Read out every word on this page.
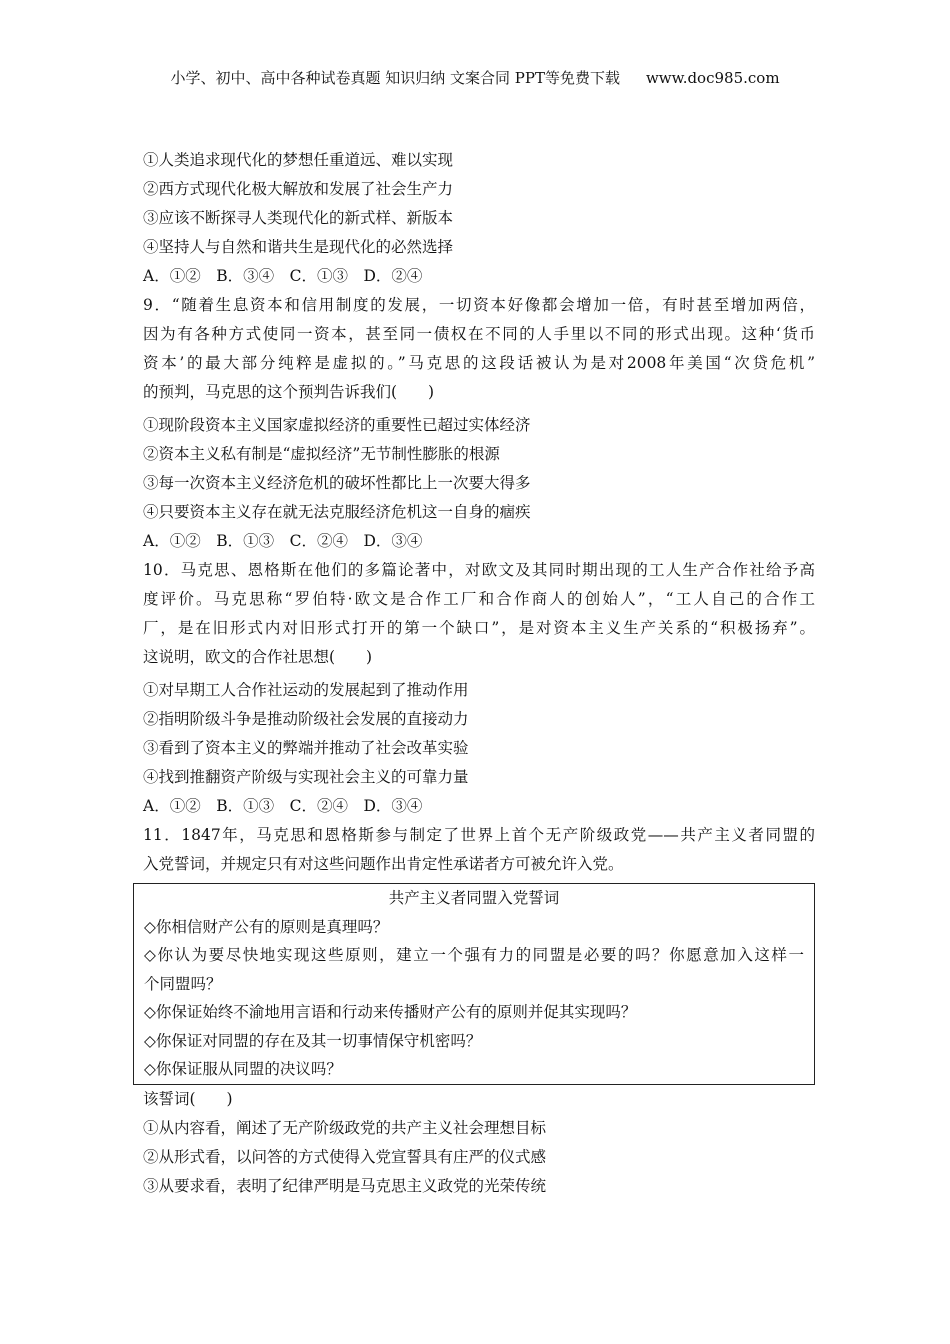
小学、初中、高中各种试卷真题 知识归纳 文案合同 PPT等免费下载 www.doc985.com
①人类追求现代化的梦想任重道远、难以实现
②西方式现代化极大解放和发展了社会生产力
③应该不断探寻人类现代化的新式样、新版本
④坚持人与自然和谐共生是现代化的必然选择
A．①②　B．③④　C．①③　D．②④
9．“随着生息资本和信用制度的发展，一切资本好像都会增加一倍，有时甚至增加两倍，
因为有各种方式使同一资本，甚至同一债权在不同的人手里以不同的形式出现。这种‘货币
资本’的最大部分纯粹是虚拟的。”马克思的这段话被认为是对2008年美国“次贷危机”
的预判，马克思的这个预判告诉我们(　　)
①现阶段资本主义国家虚拟经济的重要性已超过实体经济
②资本主义私有制是“虚拟经济”无节制性膨胀的根源
③每一次资本主义经济危机的破坏性都比上一次要大得多
④只要资本主义存在就无法克服经济危机这一自身的痼疾
A．①②　B．①③　C．②④　D．③④
10．马克思、恩格斯在他们的多篇论著中，对欧文及其同时期出现的工人生产合作社给予高
度评价。马克思称“罗伯特·欧文是合作工厂和合作商人的创始人”，“工人自己的合作工
厂，是在旧形式内对旧形式打开的第一个缺口”，是对资本主义生产关系的“积极扬弃”。
这说明，欧文的合作社思想(　　)
①对早期工人合作社运动的发展起到了推动作用
②指明阶级斗争是推动阶级社会发展的直接动力
③看到了资本主义的弊端并推动了社会改革实验
④找到推翻资产阶级与实现社会主义的可靠力量
A．①②　B．①③　C．②④　D．③④
11．1847年，马克思和恩格斯参与制定了世界上首个无产阶级政党——共产主义者同盟的
入党誓词，并规定只有对这些问题作出肯定性承诺者方可被允许入党。
共产主义者同盟入党誓词
◇你相信财产公有的原则是真理吗？
◇你认为要尽快地实现这些原则，建立一个强有力的同盟是必要的吗？你愿意加入这样一
个同盟吗？
◇你保证始终不渝地用言语和行动来传播财产公有的原则并促其实现吗？
◇你保证对同盟的存在及其一切事情保守机密吗？
◇你保证服从同盟的决议吗？
该誓词(　　)
①从内容看，阐述了无产阶级政党的共产主义社会理想目标
②从形式看，以问答的方式使得入党宣誓具有庄严的仪式感
③从要求看，表明了纪律严明是马克思主义政党的光荣传统
